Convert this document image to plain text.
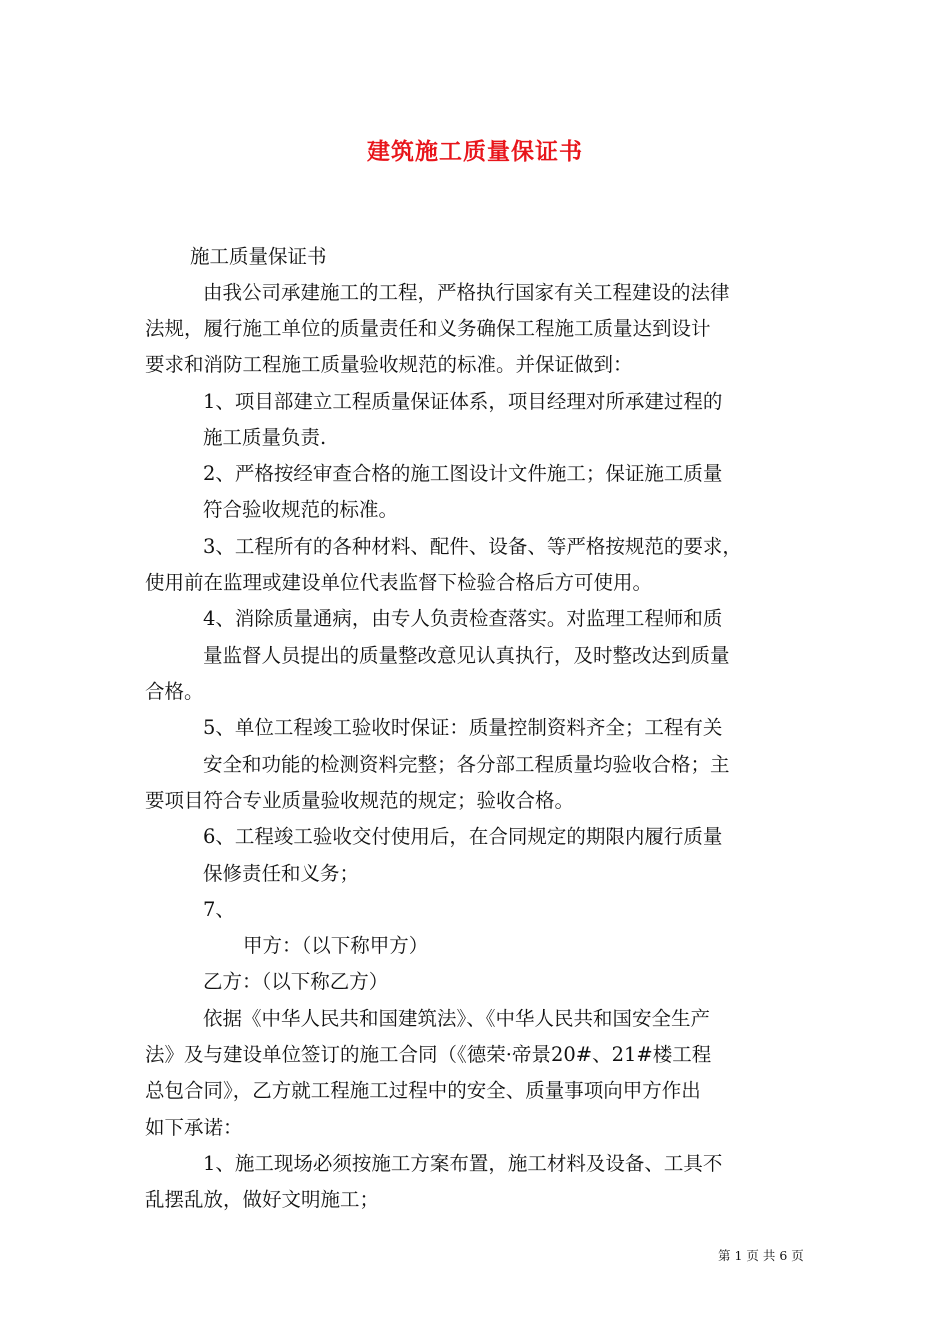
建筑施工质量保证书
施工质量保证书
由我公司承建施工的工程，严格执行国家有关工程建设的法律
法规，履行施工单位的质量责任和义务确保工程施工质量达到设计
要求和消防工程施工质量验收规范的标准。并保证做到：
1、项目部建立工程质量保证体系，项目经理对所承建过程的
施工质量负责.
2、严格按经审查合格的施工图设计文件施工；保证施工质量
符合验收规范的标准。
3、工程所有的各种材料、配件、设备、等严格按规范的要求，
使用前在监理或建设单位代表监督下检验合格后方可使用。
4、消除质量通病，由专人负责检查落实。对监理工程师和质
量监督人员提出的质量整改意见认真执行，及时整改达到质量
合格。
5、单位工程竣工验收时保证：质量控制资料齐全；工程有关
安全和功能的检测资料完整；各分部工程质量均验收合格；主
要项目符合专业质量验收规范的规定；验收合格。
6、工程竣工验收交付使用后，在合同规定的期限内履行质量
保修责任和义务；
7、
甲方：（以下称甲方）
乙方：（以下称乙方）
依据《中华人民共和国建筑法》、《中华人民共和国安全生产
法》及与建设单位签订的施工合同（《德荣·帝景20#、21#楼工程
总包合同》，乙方就工程施工过程中的安全、质量事项向甲方作出
如下承诺：
1、施工现场必须按施工方案布置，施工材料及设备、工具不
乱摆乱放，做好文明施工；
第 1 页 共 6 页
